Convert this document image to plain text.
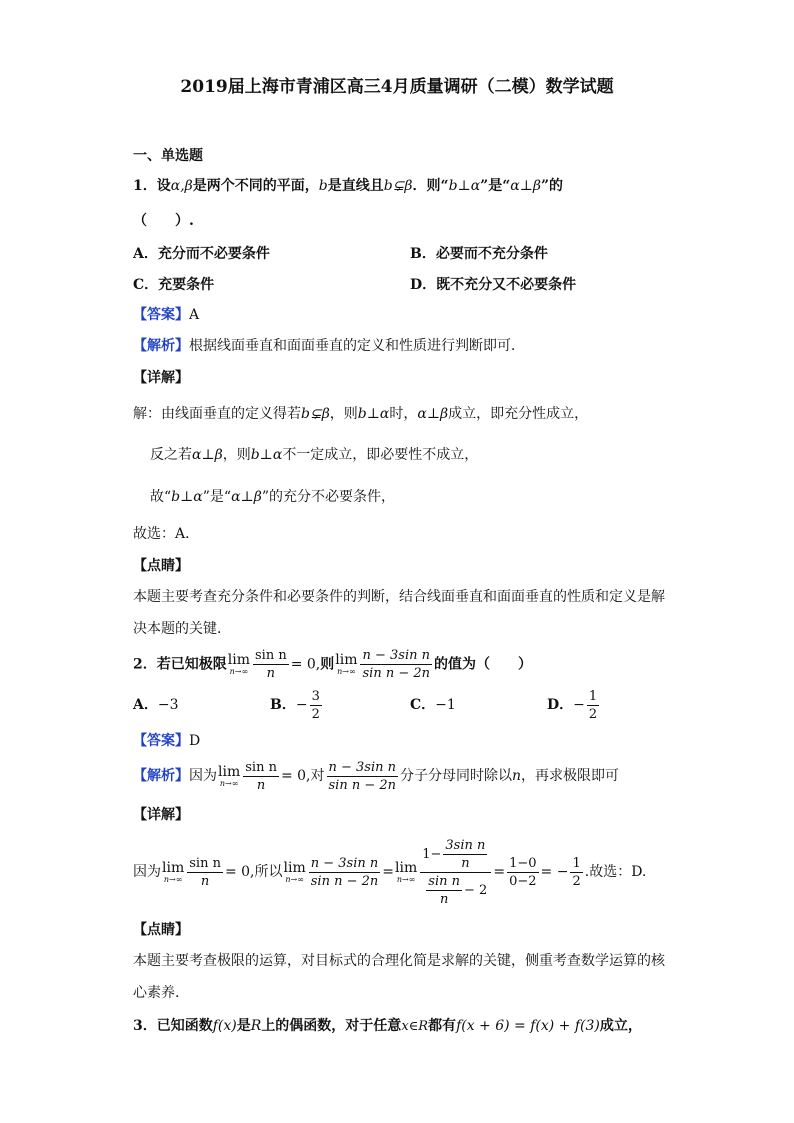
2019届上海市青浦区高三4月质量调研（二模）数学试题
一、单选题
1．设α,β是两个不同的平面，b是直线且b⊊β．则“b⊥α”是“α⊥β”的
（　　）.
A．充分而不必要条件	B．必要而不充分条件
C．充要条件	D．既不充分又不必要条件
【答案】A
【解析】根据线面垂直和面面垂直的定义和性质进行判断即可．
【详解】
解：由线面垂直的定义得若b⊊β，则b⊥α时，α⊥β成立，即充分性成立，
反之若α⊥β，则b⊥α不一定成立，即必要性不成立，
故“b⊥α”是“α⊥β”的充分不必要条件，
故选：A．
【点睛】
本题主要考查充分条件和必要条件的判断，结合线面垂直和面面垂直的性质和定义是解
决本题的关键．
2．若已知极限 lim
$n\to\infty \frac{\text{sin n}}{n} = 0$,则 lim
$n\to\infty \frac{\text{n − 3sin n}}{\text{sin n − 2n}}$ 的值为（　　）
A．−3	B．− $\frac{3}{2}$	C．−1	D．− $\frac{1}{2}$
【答案】D
【解析】因为 lim
$n\to\infty \frac{\text{sin n}}{n} = 0$,对 $\frac{\text{n − 3sin n}}{\text{sin n − 2n}}$ 分子分母同时除以n，再求极限即可
【详解】
因为 lim
$n\to\infty \frac{\text{sin n}}{n} = 0$,所以 lim
$n\to\infty \frac{\text{n − 3sin n}}{\text{sin n − 2n}} = \lim$
$n\to\infty \frac{1- \frac{\text{3sin n}}{n}}{\frac{\text{sin n}}{n} - 2} = \frac{1-0}{0-2}$ = − $\frac{1}{2}$ .故选：D.
【点睛】
本题主要考查极限的运算，对目标式的合理化简是求解的关键，侧重考查数学运算的核
心素养.
3．已知函数f(x)是R上的偶函数，对于任意x∈R都有f(x + 6) = f(x) + f(3)成立，
